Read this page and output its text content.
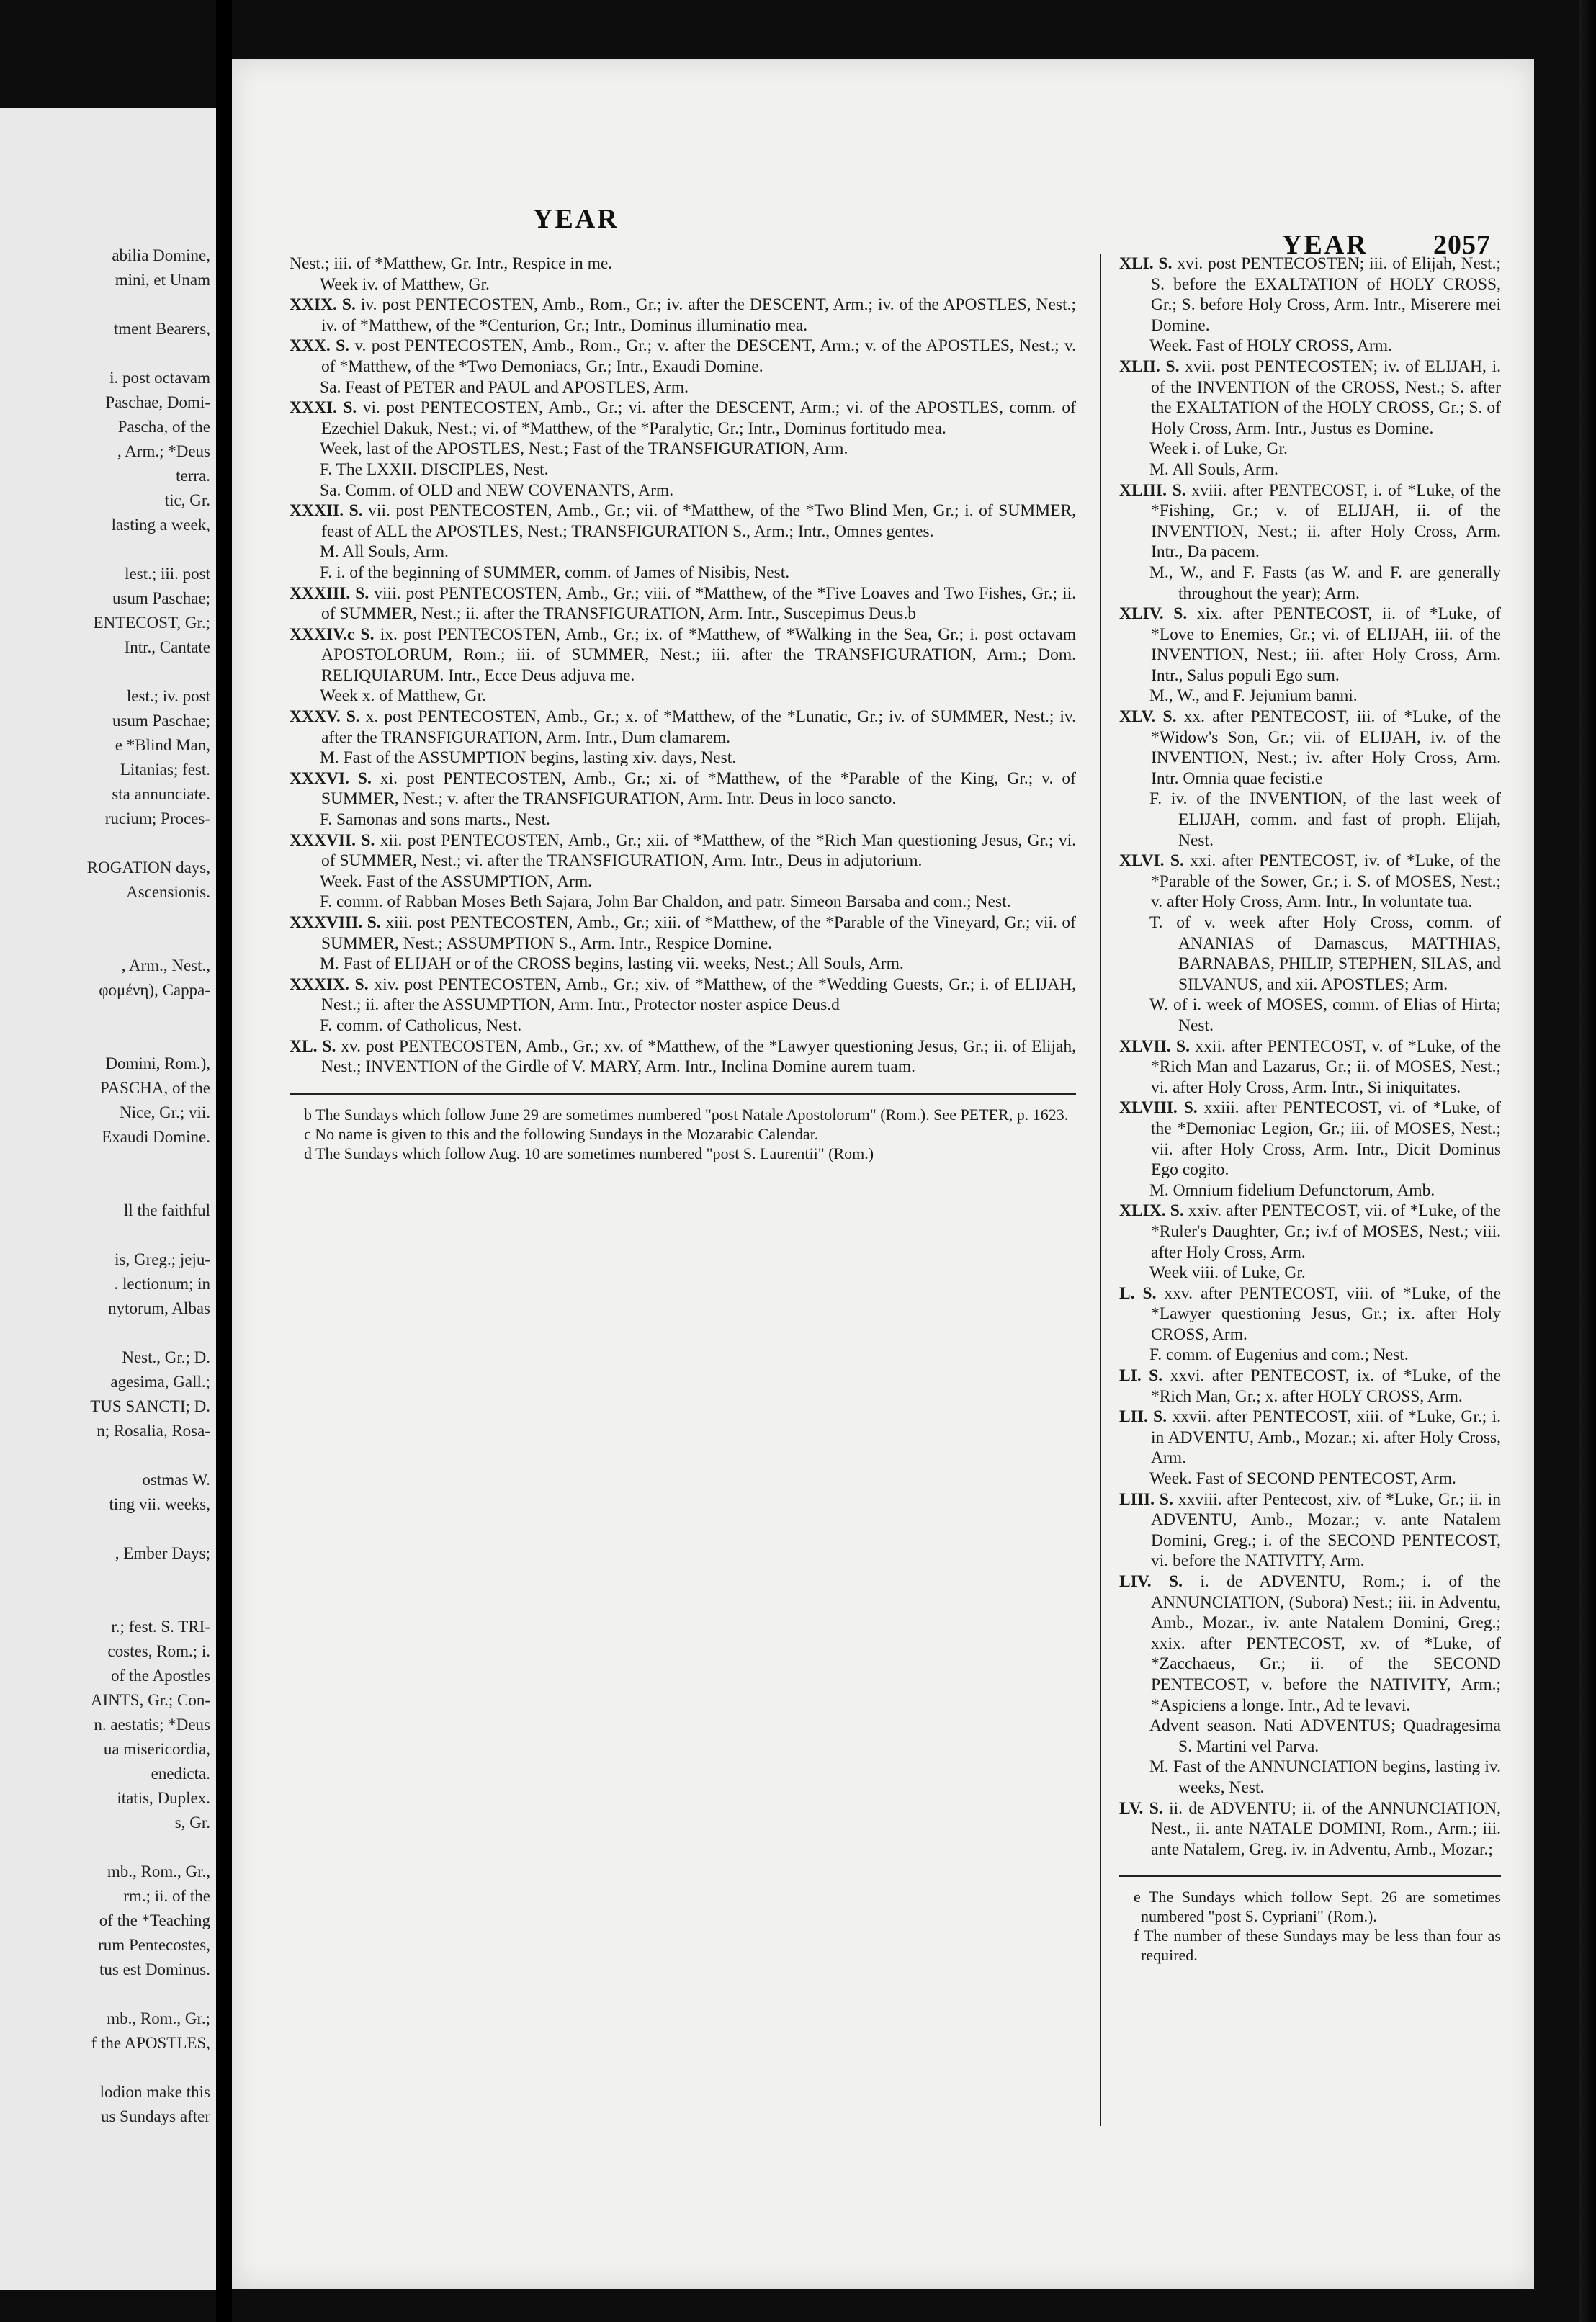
abilia Domine,
mini, et Unam
tment Bearers,
i. post octavam
Paschae, Domi-
Pascha, of the
, Arm.; *Deus
terra.
tic, Gr.
lasting a week,
lest.; iii. post
usum Paschae;
ENTECOST, Gr.;
Intr., Cantate
lest.; iv. post
usum Paschae;
e *Blind Man,
Litanias; fest.
sta annunciate.
rucium; Proces-
ROGATION days,
Ascensionis.
, Arm., Nest.,
φομένη), Cappa-
Domini, Rom.),
PASCHA, of the
Nice, Gr.; vii.
Exaudi Domine.
ll the faithful
is, Greg.; jeju-
. lectionum; in
nytorum, Albas
Nest., Gr.; D.
agesima, Gall.;
TUS SANCTI; D.
n; Rosalia, Rosa-
ostmas W.
ting vii. weeks,
, Ember Days;
r.; fest. S. TRI-
costes, Rom.; i.
of the Apostles
AINTS, Gr.; Con-
n. aestatis; *Deus
ua misericordia,
enedicta.
itatis, Duplex.
s, Gr.
mb., Rom., Gr.,
rm.; ii. of the
of the *Teaching
rum Pentecostes,
tus est Dominus.
mb., Rom., Gr.;
f the APOSTLES,
lodion make this
us Sundays after
YEAR
YEAR 2057
Nest.; iii. of *Matthew, Gr. Intr., Respice in me.
Week iv. of Matthew, Gr.
XXIX. S. iv. post PENTECOSTEN, Amb., Rom., Gr.; iv. after the DESCENT, Arm.; iv. of the APOSTLES, Nest.; iv. of *Matthew, of the *Centurion, Gr.; Intr., Dominus illuminatio mea.
XXX. S. v. post PENTECOSTEN, Amb., Rom., Gr.; v. after the DESCENT, Arm.; v. of the APOSTLES, Nest.; v. of *Matthew, of the *Two Demoniacs, Gr.; Intr., Exaudi Domine.
Sa. Feast of PETER and PAUL and APOSTLES, Arm.
XXXI. S. vi. post PENTECOSTEN, Amb., Gr.; vi. after the DESCENT, Arm.; vi. of the APOSTLES, comm. of Ezechiel Dakuk, Nest.; vi. of *Matthew, of the *Paralytic, Gr.; Intr., Dominus fortitudo mea.
Week, last of the APOSTLES, Nest.; Fast of the TRANSFIGURATION, Arm.
F. The LXXII. DISCIPLES, Nest.
Sa. Comm. of OLD and NEW COVENANTS, Arm.
XXXII. S. vii. post PENTECOSTEN, Amb., Gr.; vii. of *Matthew, of the *Two Blind Men, Gr.; i. of SUMMER, feast of ALL the APOSTLES, Nest.; TRANSFIGURATION S., Arm.; Intr., Omnes gentes.
M. All Souls, Arm.
F. i. of the beginning of SUMMER, comm. of James of Nisibis, Nest.
XXXIII. S. viii. post PENTECOSTEN, Amb., Gr.; viii. of *Matthew, of the *Five Loaves and Two Fishes, Gr.; ii. of SUMMER, Nest.; ii. after the TRANSFIGURATION, Arm. Intr., Suscepimus Deus.b
XXXIV.c S. ix. post PENTECOSTEN, Amb., Gr.; ix. of *Matthew, of *Walking in the Sea, Gr.; i. post octavam APOSTOLORUM, Rom.; iii. of SUMMER, Nest.; iii. after the TRANSFIGURATION, Arm.; Dom. RELIQUIARUM. Intr., Ecce Deus adjuva me.
Week x. of Matthew, Gr.
XXXV. S. x. post PENTECOSTEN, Amb., Gr.; x. of *Matthew, of the *Lunatic, Gr.; iv. of SUMMER, Nest.; iv. after the TRANSFIGURATION, Arm. Intr., Dum clamarem.
M. Fast of the ASSUMPTION begins, lasting xiv. days, Nest.
XXXVI. S. xi. post PENTECOSTEN, Amb., Gr.; xi. of *Matthew, of the *Parable of the King, Gr.; v. of SUMMER, Nest.; v. after the TRANSFIGURATION, Arm. Intr. Deus in loco sancto.
F. Samonas and sons marts., Nest.
XXXVII. S. xii. post PENTECOSTEN, Amb., Gr.; xii. of *Matthew, of the *Rich Man questioning Jesus, Gr.; vi. of SUMMER, Nest.; vi. after the TRANSFIGURATION, Arm. Intr., Deus in adjutorium.
Week. Fast of the ASSUMPTION, Arm.
F. comm. of Rabban Moses Beth Sajara, John Bar Chaldon, and patr. Simeon Barsaba and com.; Nest.
XXXVIII. S. xiii. post PENTECOSTEN, Amb., Gr.; xiii. of *Matthew, of the *Parable of the Vineyard, Gr.; vii. of SUMMER, Nest.; ASSUMPTION S., Arm. Intr., Respice Domine.
M. Fast of ELIJAH or of the CROSS begins, lasting vii. weeks, Nest.; All Souls, Arm.
XXXIX. S. xiv. post PENTECOSTEN, Amb., Gr.; xiv. of *Matthew, of the *Wedding Guests, Gr.; i. of ELIJAH, Nest.; ii. after the ASSUMPTION, Arm. Intr., Protector noster aspice Deus.d
F. comm. of Catholicus, Nest.
XL. S. xv. post PENTECOSTEN, Amb., Gr.; xv. of *Matthew, of the *Lawyer questioning Jesus, Gr.; ii. of Elijah, Nest.; INVENTION of the Girdle of V. MARY, Arm. Intr., Inclina Domine aurem tuam.
b The Sundays which follow June 29 are sometimes numbered "post Natale Apostolorum" (Rom.). See PETER, p. 1623.
c No name is given to this and the following Sundays in the Mozarabic Calendar.
d The Sundays which follow Aug. 10 are sometimes numbered "post S. Laurentii" (Rom.)
XLI. S. xvi. post PENTECOSTEN; iii. of Elijah, Nest.; S. before the EXALTATION of HOLY CROSS, Gr.; S. before Holy Cross, Arm. Intr., Miserere mei Domine.
Week. Fast of HOLY CROSS, Arm.
XLII. S. xvii. post PENTECOSTEN; iv. of ELIJAH, i. of the INVENTION of the CROSS, Nest.; S. after the EXALTATION of the HOLY CROSS, Gr.; S. of Holy Cross, Arm. Intr., Justus es Domine.
Week i. of Luke, Gr.
M. All Souls, Arm.
XLIII. S. xviii. after PENTECOST, i. of *Luke, of the *Fishing, Gr.; v. of ELIJAH, ii. of the INVENTION, Nest.; ii. after Holy Cross, Arm. Intr., Da pacem.
M., W., and F. Fasts (as W. and F. are generally throughout the year); Arm.
XLIV. S. xix. after PENTECOST, ii. of *Luke, of *Love to Enemies, Gr.; vi. of ELIJAH, iii. of the INVENTION, Nest.; iii. after Holy Cross, Arm. Intr., Salus populi Ego sum.
M., W., and F. Jejunium banni.
XLV. S. xx. after PENTECOST, iii. of *Luke, of the *Widow's Son, Gr.; vii. of ELIJAH, iv. of the INVENTION, Nest.; iv. after Holy Cross, Arm. Intr. Omnia quae fecisti.e
F. iv. of the INVENTION, of the last week of ELIJAH, comm. and fast of proph. Elijah, Nest.
XLVI. S. xxi. after PENTECOST, iv. of *Luke, of the *Parable of the Sower, Gr.; i. S. of MOSES, Nest.; v. after Holy Cross, Arm. Intr., In voluntate tua.
T. of v. week after Holy Cross, comm. of ANANIAS of Damascus, MATTHIAS, BARNABAS, PHILIP, STEPHEN, SILAS, and SILVANUS, and xii. APOSTLES; Arm.
W. of i. week of MOSES, comm. of Elias of Hirta; Nest.
XLVII. S. xxii. after PENTECOST, v. of *Luke, of the *Rich Man and Lazarus, Gr.; ii. of MOSES, Nest.; vi. after Holy Cross, Arm. Intr., Si iniquitates.
XLVIII. S. xxiii. after PENTECOST, vi. of *Luke, of the *Demoniac Legion, Gr.; iii. of MOSES, Nest.; vii. after Holy Cross, Arm. Intr., Dicit Dominus Ego cogito.
M. Omnium fidelium Defunctorum, Amb.
XLIX. S. xxiv. after PENTECOST, vii. of *Luke, of the *Ruler's Daughter, Gr.; iv.f of MOSES, Nest.; viii. after Holy Cross, Arm.
Week viii. of Luke, Gr.
L. S. xxv. after PENTECOST, viii. of *Luke, of the *Lawyer questioning Jesus, Gr.; ix. after Holy CROSS, Arm.
F. comm. of Eugenius and com.; Nest.
LI. S. xxvi. after PENTECOST, ix. of *Luke, of the *Rich Man, Gr.; x. after HOLY CROSS, Arm.
LII. S. xxvii. after PENTECOST, xiii. of *Luke, Gr.; i. in ADVENTU, Amb., Mozar.; xi. after Holy Cross, Arm.
Week. Fast of SECOND PENTECOST, Arm.
LIII. S. xxviii. after Pentecost, xiv. of *Luke, Gr.; ii. in ADVENTU, Amb., Mozar.; v. ante Natalem Domini, Greg.; i. of the SECOND PENTECOST, vi. before the NATIVITY, Arm.
LIV. S. i. de ADVENTU, Rom.; i. of the ANNUNCIATION, (Subora) Nest.; iii. in Adventu, Amb., Mozar., iv. ante Natalem Domini, Greg.; xxix. after PENTECOST, xv. of *Luke, of *Zacchaeus, Gr.; ii. of the SECOND PENTECOST, v. before the NATIVITY, Arm.; *Aspiciens a longe. Intr., Ad te levavi.
Advent season. Nati ADVENTUS; Quadragesima S. Martini vel Parva.
M. Fast of the ANNUNCIATION begins, lasting iv. weeks, Nest.
LV. S. ii. de ADVENTU; ii. of the ANNUNCIATION, Nest., ii. ante NATALE DOMINI, Rom., Arm.; iii. ante Natalem, Greg. iv. in Adventu, Amb., Mozar.;
e The Sundays which follow Sept. 26 are sometimes numbered "post S. Cypriani" (Rom.).
f The number of these Sundays may be less than four as required.
